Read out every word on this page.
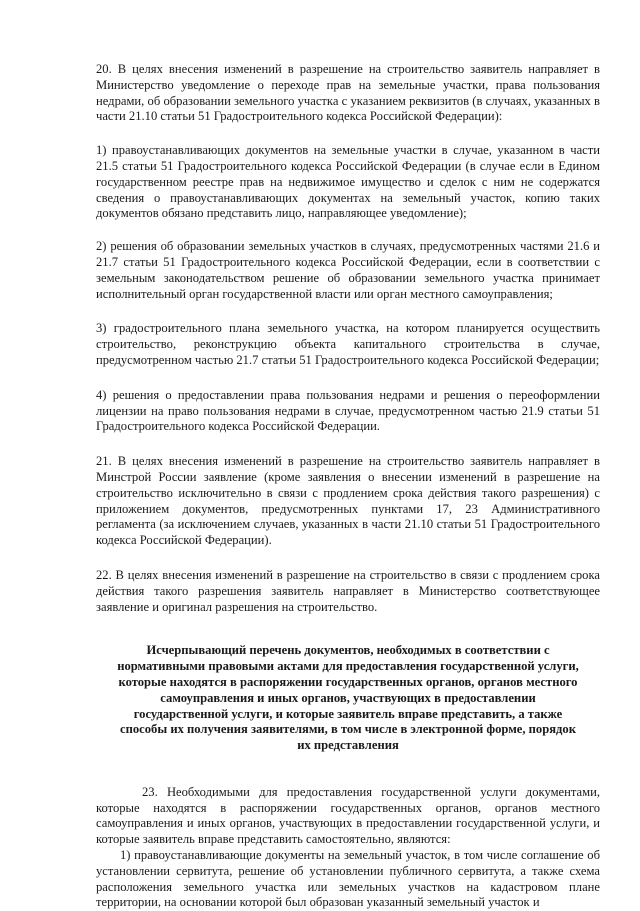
20. В целях внесения изменений в разрешение на строительство заявитель направляет в Министерство уведомление о переходе прав на земельные участки, права пользования недрами, об образовании земельного участка с указанием реквизитов (в случаях, указанных в части 21.10 статьи 51 Градостроительного кодекса Российской Федерации):

1) правоустанавливающих документов на земельные участки в случае, указанном в части 21.5 статьи 51 Градостроительного кодекса Российской Федерации (в случае если в Едином государственном реестре прав на недвижимое имущество и сделок с ним не содержатся сведения о правоустанавливающих документах на земельный участок, копию таких документов обязано представить лицо, направляющее уведомление);

2) решения об образовании земельных участков в случаях, предусмотренных частями 21.6 и 21.7 статьи 51 Градостроительного кодекса Российской Федерации, если в соответствии с земельным законодательством решение об образовании земельного участка принимает исполнительный орган государственной власти или орган местного самоуправления;

3) градостроительного плана земельного участка, на котором планируется осуществить строительство, реконструкцию объекта капитального строительства в случае, предусмотренном частью 21.7 статьи 51 Градостроительного кодекса Российской Федерации;

4) решения о предоставлении права пользования недрами и решения о переоформлении лицензии на право пользования недрами в случае, предусмотренном частью 21.9 статьи 51 Градостроительного кодекса Российской Федерации.

21. В целях внесения изменений в разрешение на строительство заявитель направляет в Минстрой России заявление (кроме заявления о внесении изменений в разрешение на строительство исключительно в связи с продлением срока действия такого разрешения) с приложением документов, предусмотренных пунктами 17, 23 Административного регламента (за исключением случаев, указанных в части 21.10 статьи 51 Градостроительного кодекса Российской Федерации).

22. В целях внесения изменений в разрешение на строительство в связи с продлением срока действия такого разрешения заявитель направляет в Министерство соответствующее заявление и оригинал разрешения на строительство.

Исчерпывающий перечень документов, необходимых в соответствии с нормативными правовыми актами для предоставления государственной услуги, которые находятся в распоряжении государственных органов, органов местного самоуправления и иных органов, участвующих в предоставлении государственной услуги, и которые заявитель вправе представить, а также способы их получения заявителями, в том числе в электронной форме, порядок их представления

23. Необходимыми для предоставления государственной услуги документами, которые находятся в распоряжении государственных органов, органов местного самоуправления и иных органов, участвующих в предоставлении государственной услуги, и которые заявитель вправе представить самостоятельно, являются:

1) правоустанавливающие документы на земельный участок, в том числе соглашение об установлении сервитута, решение об установлении публичного сервитута, а также схема расположения земельного участка или земельных участков на кадастровом плане территории, на основании которой был образован указанный земельный участок и
